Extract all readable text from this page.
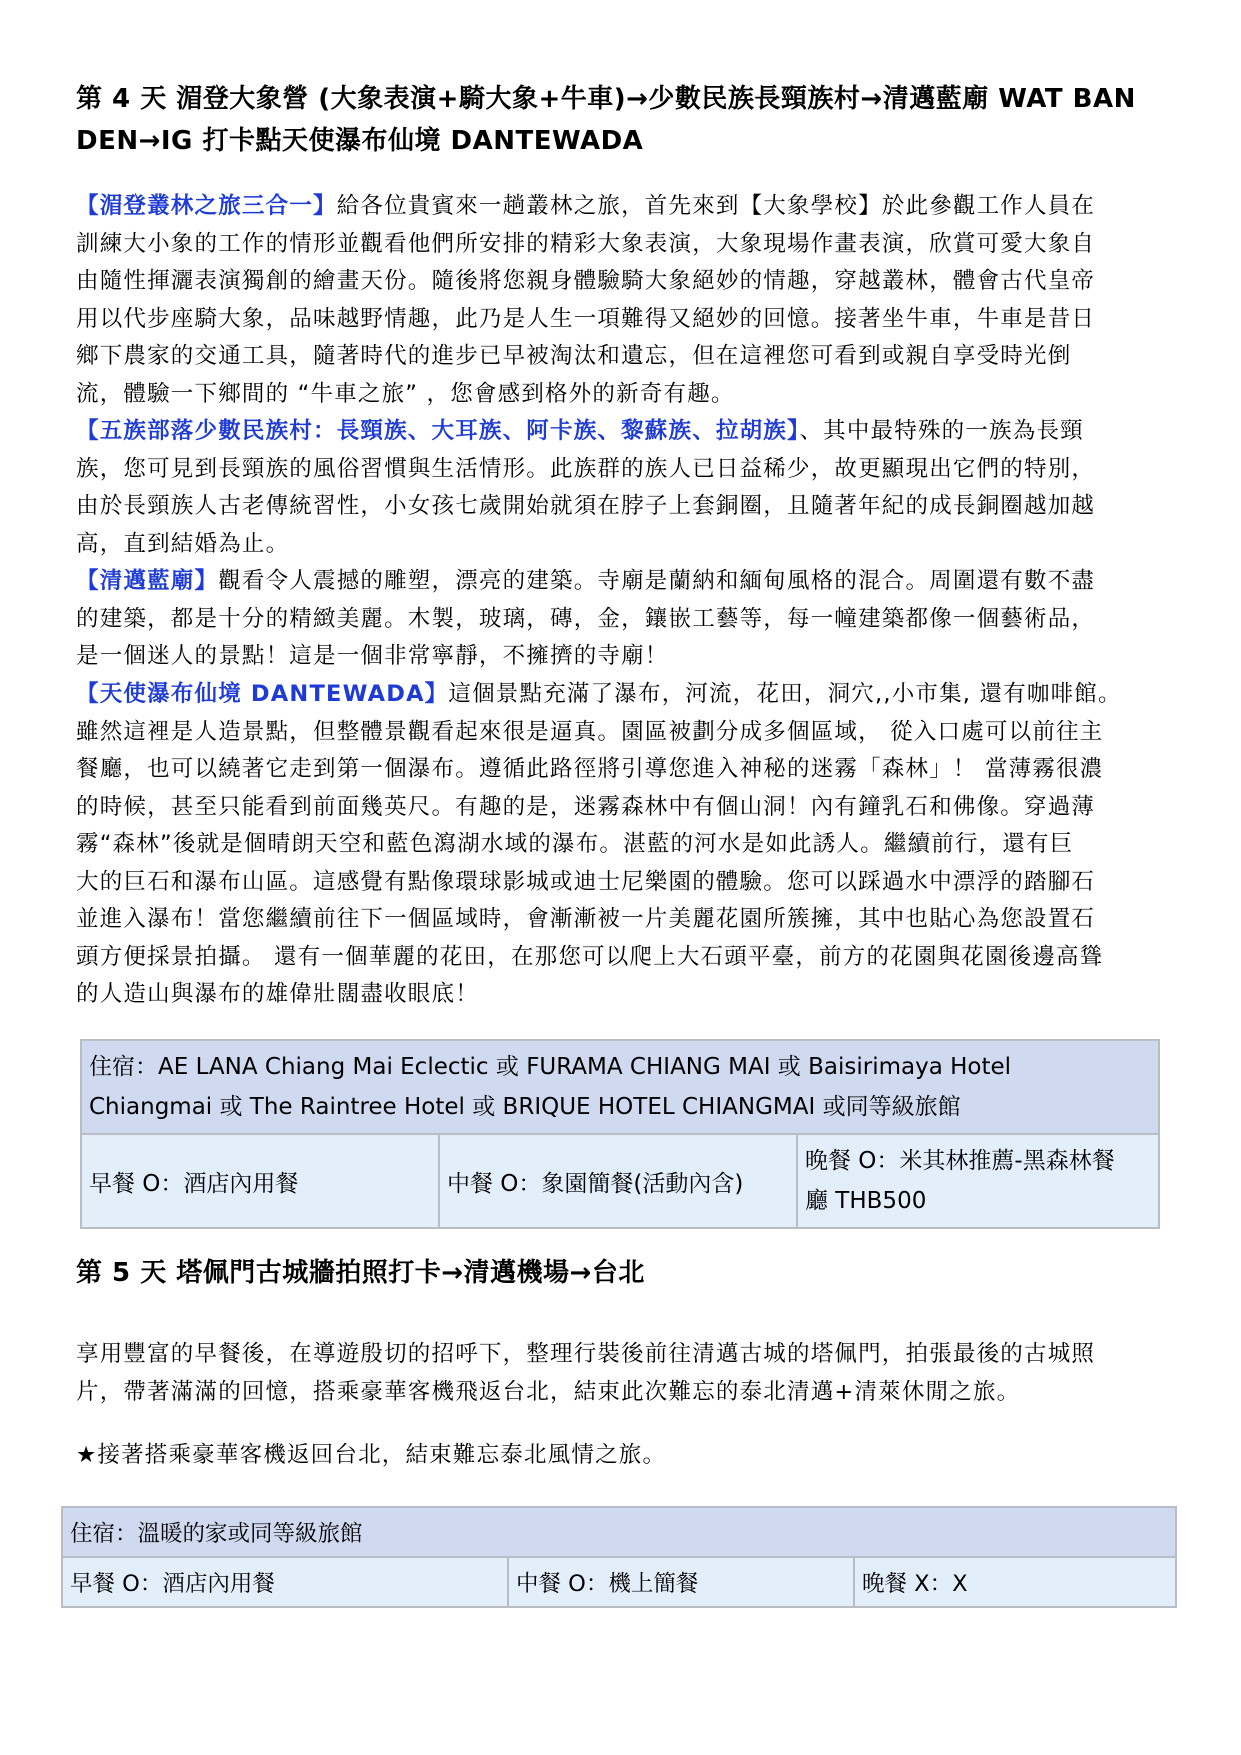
第 4 天 湄登大象營 (大象表演+騎大象+牛車)→少數民族長頸族村→清邁藍廟 WAT BAN
DEN→IG 打卡點天使瀑布仙境 DANTEWADA

【湄登叢林之旅三合一】給各位貴賓來一趟叢林之旅，首先來到【大象學校】於此參觀工作人員在
訓練大小象的工作的情形並觀看他們所安排的精彩大象表演，大象現場作畫表演，欣賞可愛大象自
由隨性揮灑表演獨創的繪畫天份。隨後將您親身體驗騎大象絕妙的情趣，穿越叢林，體會古代皇帝
用以代步座騎大象，品味越野情趣，此乃是人生一項難得又絕妙的回憶。接著坐牛車，牛車是昔日
鄉下農家的交通工具，隨著時代的進步已早被淘汰和遺忘，但在這裡您可看到或親自享受時光倒
流，體驗一下鄉間的 “牛車之旅” ，您會感到格外的新奇有趣。

【五族部落少數民族村：長頸族、大耳族、阿卡族、黎蘇族、拉胡族】、其中最特殊的一族為長頸
族，您可見到長頸族的風俗習慣與生活情形。此族群的族人已日益稀少，故更顯現出它們的特別，
由於長頸族人古老傳統習性，小女孩七歲開始就須在脖子上套銅圈，且隨著年紀的成長銅圈越加越
高，直到結婚為止。

【清邁藍廟】觀看令人震撼的雕塑，漂亮的建築。寺廟是蘭納和緬甸風格的混合。周圍還有數不盡
的建築，都是十分的精緻美麗。木製，玻璃，磚，金，鑲嵌工藝等，每一幢建築都像一個藝術品，
是一個迷人的景點！這是一個非常寧靜，不擁擠的寺廟！

【天使瀑布仙境 DANTEWADA】這個景點充滿了瀑布，河流，花田，洞穴,,小市集, 還有咖啡館。
雖然這裡是人造景點，但整體景觀看起來很是逼真。園區被劃分成多個區域， 從入口處可以前往主
餐廳，也可以繞著它走到第一個瀑布。遵循此路徑將引導您進入神秘的迷霧「森林」！ 當薄霧很濃
的時候，甚至只能看到前面幾英尺。有趣的是，迷霧森林中有個山洞！內有鐘乳石和佛像。穿過薄
霧“森林”後就是個晴朗天空和藍色瀉湖水域的瀑布。湛藍的河水是如此誘人。繼續前行，還有巨
大的巨石和瀑布山區。這感覺有點像環球影城或迪士尼樂園的體驗。您可以踩過水中漂浮的踏腳石
並進入瀑布！當您繼續前往下一個區域時，會漸漸被一片美麗花園所簇擁，其中也貼心為您設置石
頭方便採景拍攝。 還有一個華麗的花田，在那您可以爬上大石頭平臺，前方的花園與花園後邊高聳
的人造山與瀑布的雄偉壯闊盡收眼底！

住宿：AE LANA Chiang Mai Eclectic 或 FURAMA CHIANG MAI 或 Baisirimaya Hotel
Chiangmai 或 The Raintree Hotel 或 BRIQUE HOTEL CHIANGMAI 或同等級旅館
早餐 O：酒店內用餐	中餐 O：象園簡餐(活動內含)	晚餐 O：米其林推薦-黑森林餐
廳 THB500
第 5 天 塔佩門古城牆拍照打卡→清邁機場→台北

享用豐富的早餐後，在導遊殷切的招呼下，整理行裝後前往清邁古城的塔佩門，拍張最後的古城照
片，帶著滿滿的回憶，搭乘豪華客機飛返台北，結束此次難忘的泰北清邁+清萊休閒之旅。

★接著搭乘豪華客機返回台北，結束難忘泰北風情之旅。

住宿：溫暖的家或同等級旅館
早餐 O：酒店內用餐	中餐 O：機上簡餐	晚餐 X：X
